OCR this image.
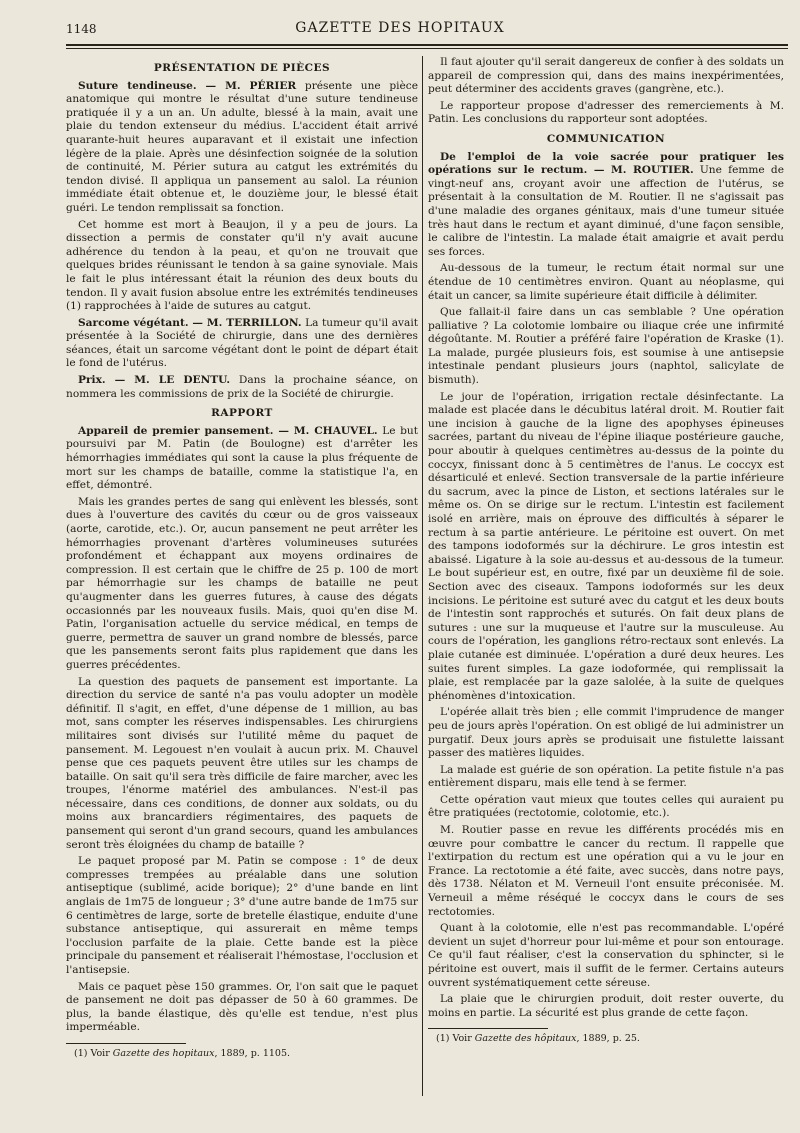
1148	GAZETTE DES HOPITAUX
PRÉSENTATION DE PIÈCES

Suture tendineuse. — M. PÉRIER présente une pièce anatomique qui montre le résultat d'une suture tendineuse pratiquée il y a un an. Un adulte, blessé à la main, avait une plaie du tendon extenseur du médius. L'accident était arrivé quarante-huit heures auparavant et il existait une infection légère de la plaie. Après une désinfection soignée de la solution de continuité, M. Périer sutura au catgut les extrémités du tendon divisé. Il appliqua un pansement au salol. La réunion immédiate était obtenue et, le douzième jour, le blessé était guéri. Le tendon remplissait sa fonction.

Cet homme est mort à Beaujon, il y a peu de jours. La dissection a permis de constater qu'il n'y avait aucune adhérence du tendon à la peau, et qu'on ne trouvait que quelques brides réunissant le tendon à sa gaine synoviale. Mais le fait le plus intéressant était la réunion des deux bouts du tendon. Il y avait fusion absolue entre les extrémités tendineuses (1) rapprochées à l'aide de sutures au catgut.

Sarcome végétant. — M. TERRILLON. La tumeur qu'il avait présentée à la Société de chirurgie, dans une des dernières séances, était un sarcome végétant dont le point de départ était le fond de l'utérus.

Prix. — M. LE DENTU. Dans la prochaine séance, on nommera les commissions de prix de la Société de chirurgie.

RAPPORT

Appareil de premier pansement. — M. CHAUVEL. Le but poursuivi par M. Patin (de Boulogne) est d'arrêter les hémorrhagies immédiates qui sont la cause la plus fréquente de mort sur les champs de bataille, comme la statistique l'a, en effet, démontré.

Mais les grandes pertes de sang qui enlèvent les blessés, sont dues à l'ouverture des cavités du cœur ou de gros vaisseaux (aorte, carotide, etc.). Or, aucun pansement ne peut arrêter les hémorrhagies provenant d'artères volumineuses suturées profondément et échappant aux moyens ordinaires de compression. Il est certain que le chiffre de 25 p. 100 de mort par hémorrhagie sur les champs de bataille ne peut qu'augmenter dans les guerres futures, à cause des dégats occasionnés par les nouveaux fusils. Mais, quoi qu'en dise M. Patin, l'organisation actuelle du service médical, en temps de guerre, permettra de sauver un grand nombre de blessés, parce que les pansements seront faits plus rapidement que dans les guerres précédentes.

La question des paquets de pansement est importante. La direction du service de santé n'a pas voulu adopter un modèle définitif. Il s'agit, en effet, d'une dépense de 1 million, au bas mot, sans compter les réserves indispensables. Les chirurgiens militaires sont divisés sur l'utilité même du paquet de pansement. M. Legouest n'en voulait à aucun prix. M. Chauvel pense que ces paquets peuvent être utiles sur les champs de bataille. On sait qu'il sera très difficile de faire marcher, avec les troupes, l'énorme matériel des ambulances. N'est-il pas nécessaire, dans ces conditions, de donner aux soldats, ou du moins aux brancardiers régimentaires, des paquets de pansement qui seront d'un grand secours, quand les ambulances seront très éloignées du champ de bataille ?

Le paquet proposé par M. Patin se compose : 1° de deux compresses trempées au préalable dans une solution antiseptique (sublimé, acide borique); 2° d'une bande en lint anglais de 1m75 de longueur ; 3° d'une autre bande de 1m75 sur 6 centimètres de large, sorte de bretelle élastique, enduite d'une substance antiseptique, qui assurerait en même temps l'occlusion parfaite de la plaie. Cette bande est la pièce principale du pansement et réaliserait l'hémostase, l'occlusion et l'antisepsie.

Mais ce paquet pèse 150 grammes. Or, l'on sait que le paquet de pansement ne doit pas dépasser de 50 à 60 grammes. De plus, la bande élastique, dès qu'elle est tendue, n'est plus imperméable.

(1) Voir Gazette des hopitaux, 1889, p. 1105.

Il faut ajouter qu'il serait dangereux de confier à des soldats un appareil de compression qui, dans des mains inexpérimentées, peut déterminer des accidents graves (gangrène, etc.).

Le rapporteur propose d'adresser des remerciements à M. Patin. Les conclusions du rapporteur sont adoptées.

COMMUNICATION

De l'emploi de la voie sacrée pour pratiquer les opérations sur le rectum. — M. ROUTIER. Une femme de vingt-neuf ans, croyant avoir une affection de l'utérus, se présentait à la consultation de M. Routier. Il ne s'agissait pas d'une maladie des organes génitaux, mais d'une tumeur située très haut dans le rectum et ayant diminué, d'une façon sensible, le calibre de l'intestin. La malade était amaigrie et avait perdu ses forces.

Au-dessous de la tumeur, le rectum était normal sur une étendue de 10 centimètres environ. Quant au néoplasme, qui était un cancer, sa limite supérieure était difficile à délimiter.

Que fallait-il faire dans un cas semblable ? Une opération palliative ? La colotomie lombaire ou iliaque crée une infirmité dégoûtante. M. Routier a préféré faire l'opération de Kraske (1). La malade, purgée plusieurs fois, est soumise à une antisepsie intestinale pendant plusieurs jours (naphtol, salicylate de bismuth).

Le jour de l'opération, irrigation rectale désinfectante. La malade est placée dans le décubitus latéral droit. M. Routier fait une incision à gauche de la ligne des apophyses épineuses sacrées, partant du niveau de l'épine iliaque postérieure gauche, pour aboutir à quelques centimètres au-dessus de la pointe du coccyx, finissant donc à 5 centimètres de l'anus. Le coccyx est désarticulé et enlevé. Section transversale de la partie inférieure du sacrum, avec la pince de Liston, et sections latérales sur le même os. On se dirige sur le rectum. L'intestin est facilement isolé en arrière, mais on éprouve des difficultés à séparer le rectum à sa partie antérieure. Le péritoine est ouvert. On met des tampons iodoformés sur la déchirure. Le gros intestin est abaissé. Ligature à la soie au-dessus et au-dessous de la tumeur. Le bout supérieur est, en outre, fixé par un deuxième fil de soie. Section avec des ciseaux. Tampons iodoformés sur les deux incisions. Le péritoine est suturé avec du catgut et les deux bouts de l'intestin sont rapprochés et suturés. On fait deux plans de sutures : une sur la muqueuse et l'autre sur la musculeuse. Au cours de l'opération, les ganglions rétro-rectaux sont enlevés. La plaie cutanée est diminuée. L'opération a duré deux heures. Les suites furent simples. La gaze iodoformée, qui remplissait la plaie, est remplacée par la gaze salolée, à la suite de quelques phénomènes d'intoxication.

L'opérée allait très bien ; elle commit l'imprudence de manger peu de jours après l'opération. On est obligé de lui administrer un purgatif. Deux jours après se produisait une fistulette laissant passer des matières liquides.

La malade est guérie de son opération. La petite fistule n'a pas entièrement disparu, mais elle tend à se fermer.

Cette opération vaut mieux que toutes celles qui auraient pu être pratiquées (rectotomie, colotomie, etc.).

M. Routier passe en revue les différents procédés mis en œuvre pour combattre le cancer du rectum. Il rappelle que l'extirpation du rectum est une opération qui a vu le jour en France. La rectotomie a été faite, avec succès, dans notre pays, dès 1738. Nélaton et M. Verneuil l'ont ensuite préconisée. M. Verneuil a même réséqué le coccyx dans le cours de ses rectotomies.

Quant à la colotomie, elle n'est pas recommandable. L'opéré devient un sujet d'horreur pour lui-même et pour son entourage. Ce qu'il faut réaliser, c'est la conservation du sphincter, si le péritoine est ouvert, mais il suffit de le fermer. Certains auteurs ouvrent systématiquement cette séreuse.

La plaie que le chirurgien produit, doit rester ouverte, du moins en partie. La sécurité est plus grande de cette façon.

(1) Voir Gazette des hôpitaux, 1889, p. 25.
